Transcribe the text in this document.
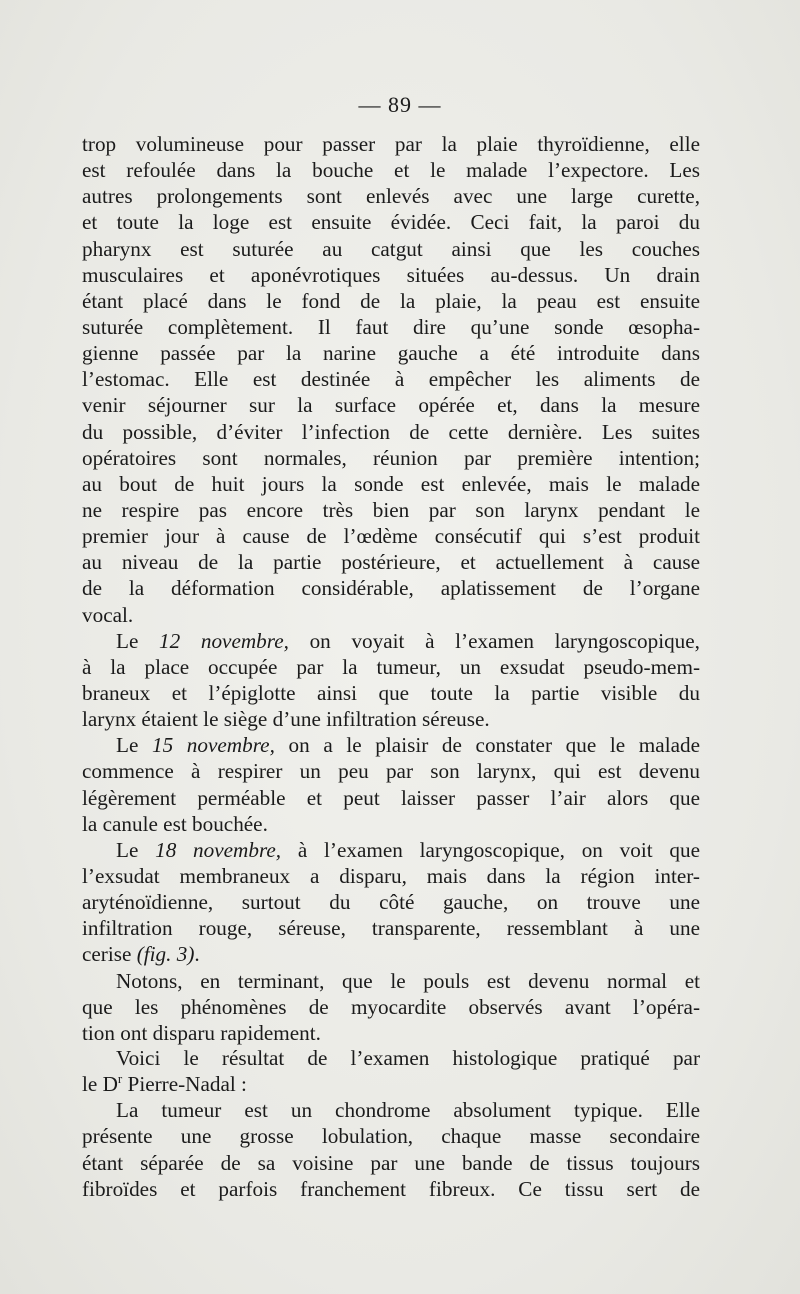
— 89 —
trop volumineuse pour passer par la plaie thyroïdienne, elle
est refoulée dans la bouche et le malade l’expectore. Les
autres prolongements sont enlevés avec une large curette,
et toute la loge est ensuite évidée. Ceci fait, la paroi du
pharynx est suturée au catgut ainsi que les couches
musculaires et aponévrotiques situées au-dessus. Un drain
étant placé dans le fond de la plaie, la peau est ensuite
suturée complètement. Il faut dire qu’une sonde œsopha-
gienne passée par la narine gauche a été introduite dans
l’estomac. Elle est destinée à empêcher les aliments de
venir séjourner sur la surface opérée et, dans la mesure
du possible, d’éviter l’infection de cette dernière. Les suites
opératoires sont normales, réunion par première intention;
au bout de huit jours la sonde est enlevée, mais le malade
ne respire pas encore très bien par son larynx pendant le
premier jour à cause de l’œdème consécutif qui s’est produit
au niveau de la partie postérieure, et actuellement à cause
de la déformation considérable, aplatissement de l’organe
vocal.
Le 12 novembre, on voyait à l’examen laryngoscopique,
à la place occupée par la tumeur, un exsudat pseudo-mem-
braneux et l’épiglotte ainsi que toute la partie visible du
larynx étaient le siège d’une infiltration séreuse.
Le 15 novembre, on a le plaisir de constater que le malade
commence à respirer un peu par son larynx, qui est devenu
légèrement perméable et peut laisser passer l’air alors que
la canule est bouchée.
Le 18 novembre, à l’examen laryngoscopique, on voit que
l’exsudat membraneux a disparu, mais dans la région inter-
aryténoïdienne, surtout du côté gauche, on trouve une
infiltration rouge, séreuse, transparente, ressemblant à une
cerise (fig. 3).
Notons, en terminant, que le pouls est devenu normal et
que les phénomènes de myocardite observés avant l’opéra-
tion ont disparu rapidement.
Voici le résultat de l’examen histologique pratiqué par
le $D^r$ Pierre-Nadal :
La tumeur est un chondrome absolument typique. Elle
présente une grosse lobulation, chaque masse secondaire
étant séparée de sa voisine par une bande de tissus toujours
fibroïdes et parfois franchement fibreux. Ce tissu sert de
